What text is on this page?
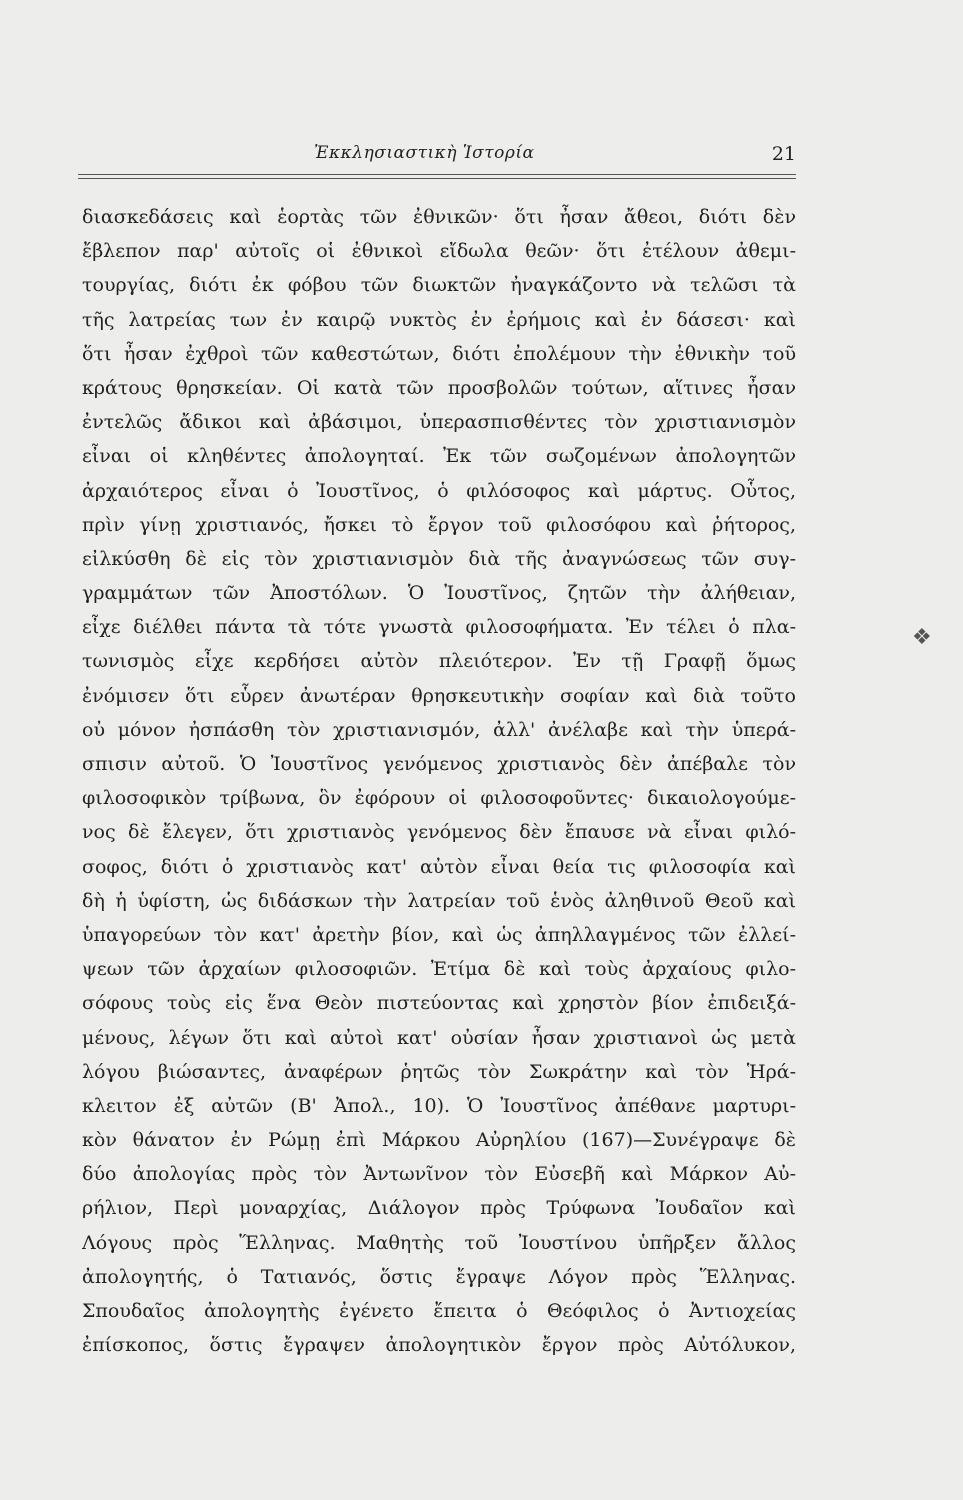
Ἐκκλησιαστικὴ Ἱστορία	21
διασκεδάσεις καὶ ἑορτὰς τῶν ἐθνικῶν· ὅτι ἦσαν ἄθεοι, διότι δὲν
ἔβλεπον παρ' αὐτοῖς οἱ ἐθνικοὶ εἴδωλα θεῶν· ὅτι ἐτέλουν ἀθεμι-
τουργίας, διότι ἐκ φόβου τῶν διωκτῶν ἠναγκάζοντο νὰ τελῶσι τὰ
τῆς λατρείας των ἐν καιρῷ νυκτὸς ἐν ἐρήμοις καὶ ἐν δάσεσι· καὶ
ὅτι ἦσαν ἐχθροὶ τῶν καθεστώτων, διότι ἐπολέμουν τὴν ἐθνικὴν τοῦ
κράτους θρησκείαν. Οἱ κατὰ τῶν προσβολῶν τούτων, αἵτινες ἦσαν
ἐντελῶς ἄδικοι καὶ ἀβάσιμοι, ὑπερασπισθέντες τὸν χριστιανισμὸν
εἶναι οἱ κληθέντες ἀπολογηταί. Ἐκ τῶν σωζομένων ἀπολογητῶν
ἀρχαιότερος εἶναι ὁ Ἰουστῖνος, ὁ φιλόσοφος καὶ μάρτυς. Οὗτος,
πρὶν γίνῃ χριστιανός, ἤσκει τὸ ἔργον τοῦ φιλοσόφου καὶ ῥήτορος,
εἰλκύσθη δὲ εἰς τὸν χριστιανισμὸν διὰ τῆς ἀναγνώσεως τῶν συγ-
γραμμάτων τῶν Ἀποστόλων. Ὁ Ἰουστῖνος, ζητῶν τὴν ἀλήθειαν,
εἶχε διέλθει πάντα τὰ τότε γνωστὰ φιλοσοφήματα. Ἐν τέλει ὁ πλα-
τωνισμὸς εἶχε κερδήσει αὐτὸν πλειότερον. Ἐν τῇ Γραφῇ ὅμως
ἐνόμισεν ὅτι εὗρεν ἀνωτέραν θρησκευτικὴν σοφίαν καὶ διὰ τοῦτο
οὐ μόνον ἠσπάσθη τὸν χριστιανισμόν, ἀλλ' ἀνέλαβε καὶ τὴν ὑπερά-
σπισιν αὐτοῦ. Ὁ Ἰουστῖνος γενόμενος χριστιανὸς δὲν ἀπέβαλε τὸν
φιλοσοφικὸν τρίβωνα, ὃν ἐφόρουν οἱ φιλοσοφοῦντες· δικαιολογούμε-
νος δὲ ἔλεγεν, ὅτι χριστιανὸς γενόμενος δὲν ἔπαυσε νὰ εἶναι φιλό-
σοφος, διότι ὁ χριστιανὸς κατ' αὐτὸν εἶναι θεία τις φιλοσοφία καὶ
δὴ ἡ ὑφίστη, ὡς διδάσκων τὴν λατρείαν τοῦ ἑνὸς ἀληθινοῦ Θεοῦ καὶ
ὑπαγορεύων τὸν κατ' ἀρετὴν βίον, καὶ ὡς ἀπηλλαγμένος τῶν ἐλλεί-
ψεων τῶν ἀρχαίων φιλοσοφιῶν. Ἐτίμα δὲ καὶ τοὺς ἀρχαίους φιλο-
σόφους τοὺς εἰς ἕνα Θεὸν πιστεύοντας καὶ χρηστὸν βίον ἐπιδειξά-
μένους, λέγων ὅτι καὶ αὐτοὶ κατ' οὐσίαν ἦσαν χριστιανοὶ ὡς μετὰ
λόγου βιώσαντες, ἀναφέρων ῥητῶς τὸν Σωκράτην καὶ τὸν Ἡρά-
κλειτον ἐξ αὐτῶν (Β' Ἀπολ., 10). Ὁ Ἰουστῖνος ἀπέθανε μαρτυρι-
κὸν θάνατον ἐν Ρώμῃ ἐπὶ Μάρκου Αὐρηλίου (167)—Συνέγραψε δὲ
δύο ἀπολογίας πρὸς τὸν Ἀντωνῖνον τὸν Εὐσεβῆ καὶ Μάρκον Αὐ-
ρήλιον, Περὶ μοναρχίας, Διάλογον πρὸς Τρύφωνα Ἰουδαῖον καὶ
Λόγους πρὸς Ἕλληνας. Μαθητὴς τοῦ Ἰουστίνου ὑπῆρξεν ἄλλος
ἀπολογητής, ὁ Τατιανός, ὅστις ἔγραψε Λόγον πρὸς Ἕλληνας.
Σπουδαῖος ἀπολογητὴς ἐγένετο ἔπειτα ὁ Θεόφιλος ὁ Ἀντιοχείας
ἐπίσκοπος, ὅστις ἔγραψεν ἀπολογητικὸν ἔργον πρὸς Αὐτόλυκον,
❖
